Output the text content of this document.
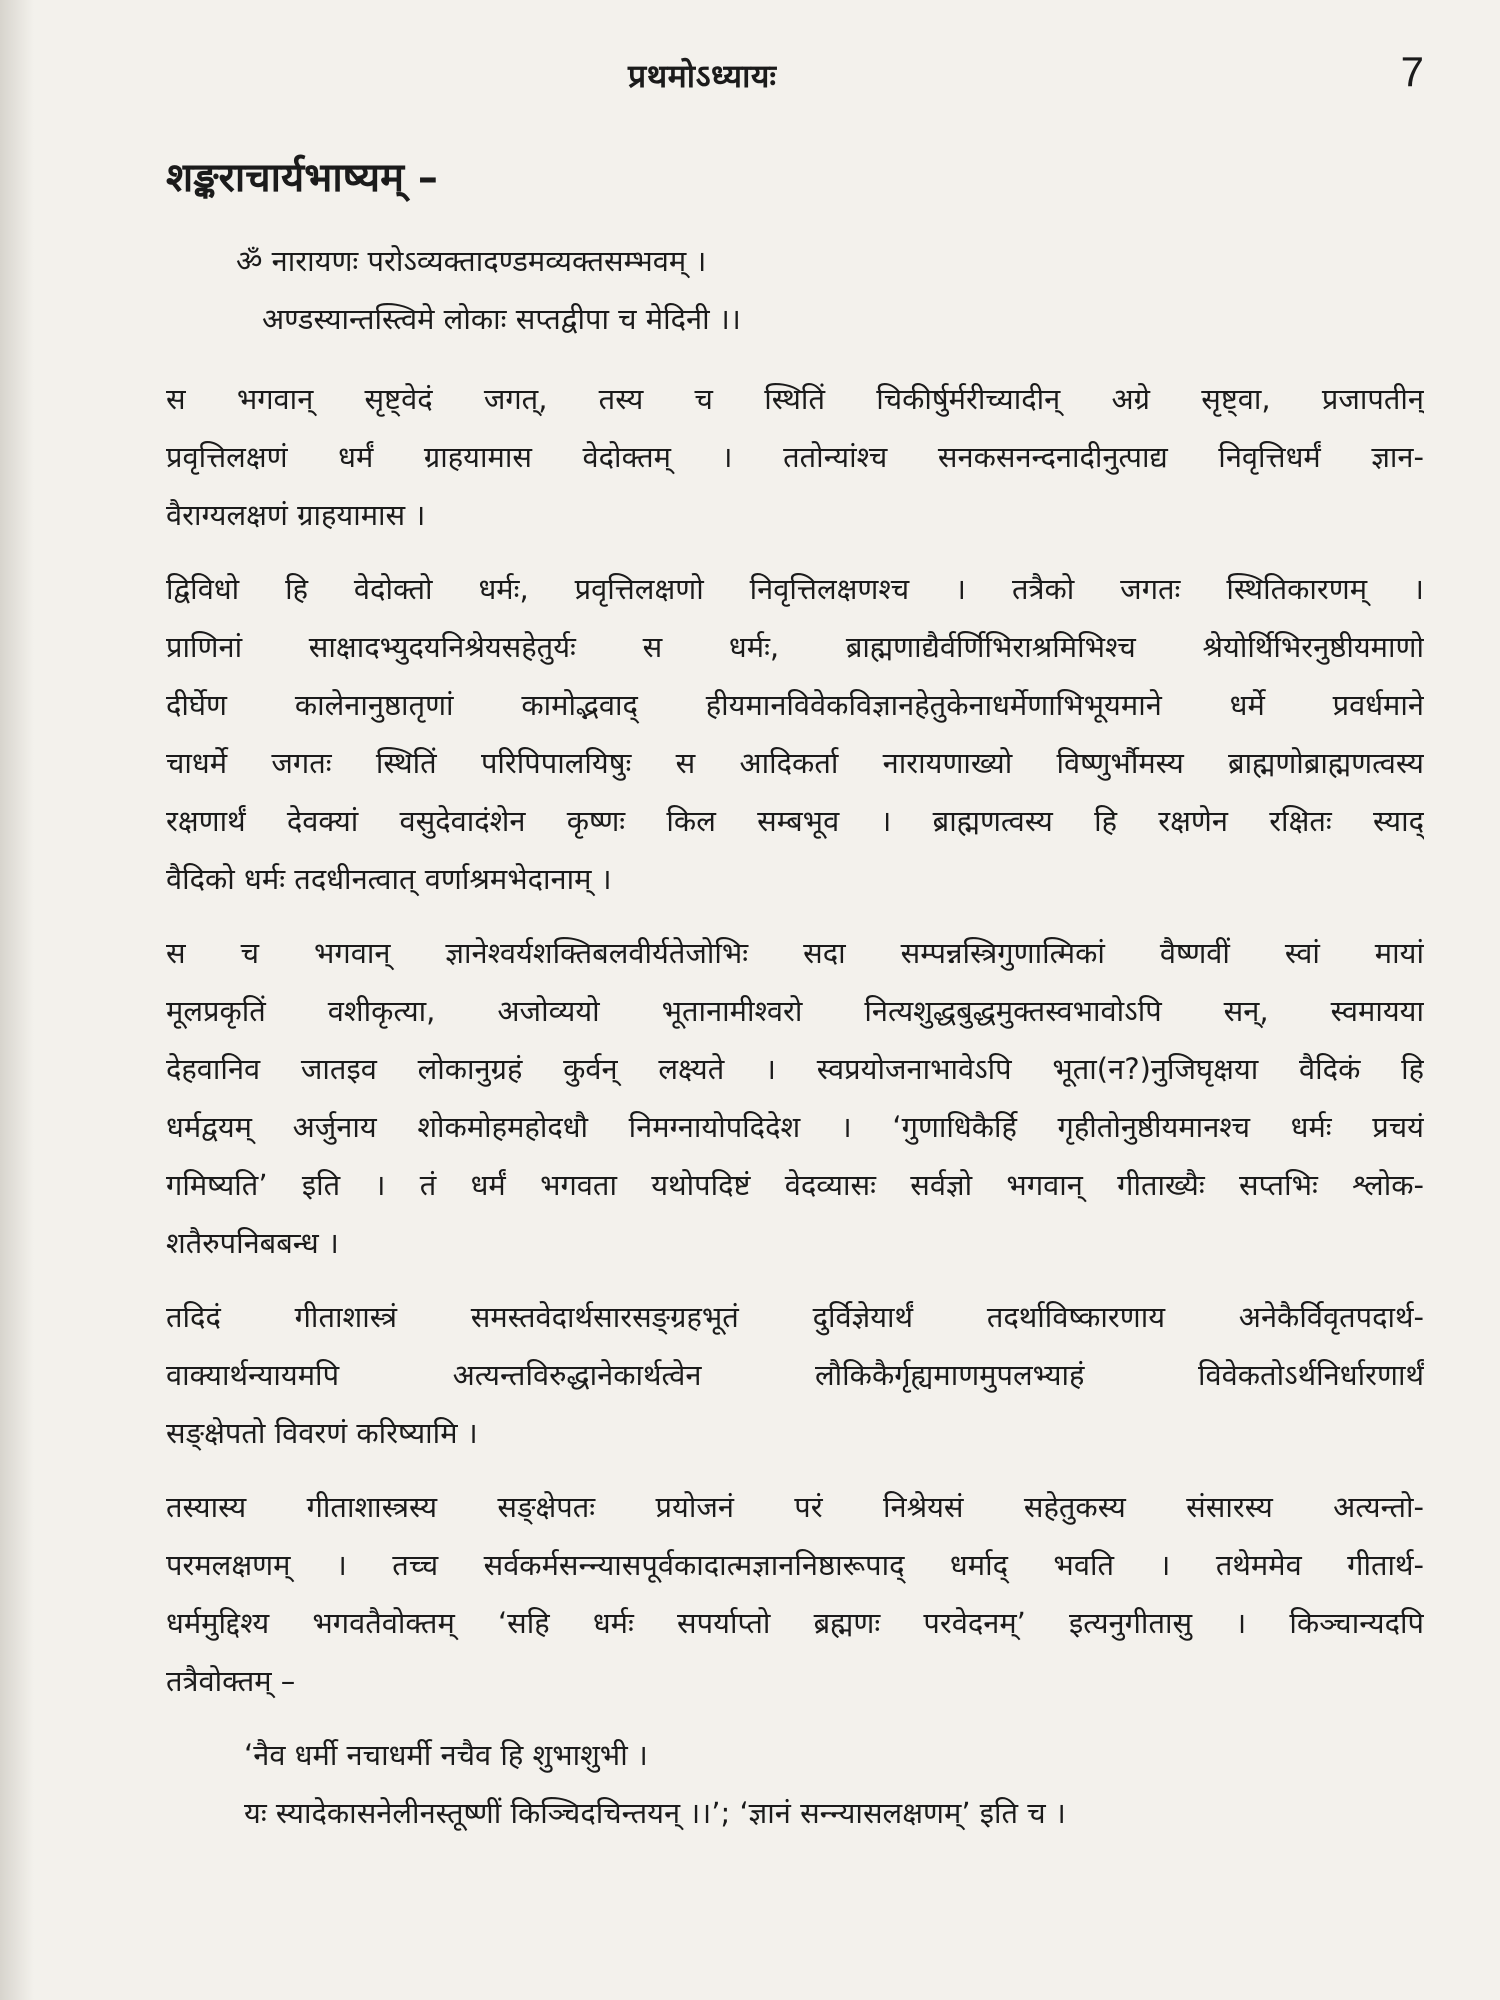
प्रथमोऽध्यायः	7
शङ्कराचार्यभाष्यम् –
ॐ नारायणः परोऽव्यक्तादण्डमव्यक्तसम्भवम् ।
अण्डस्यान्तस्त्विमे लोकाः सप्तद्वीपा च मेदिनी ।।
स भगवान् सृष्ट्वेदं जगत्, तस्य च स्थितिं चिकीर्षुर्मरीच्यादीन् अग्रे सृष्ट्वा, प्रजापतीन्
प्रवृत्तिलक्षणं धर्मं ग्राहयामास वेदोक्तम् । ततोन्यांश्च सनकसनन्दनादीनुत्पाद्य निवृत्तिधर्मं ज्ञान-
वैराग्यलक्षणं ग्राहयामास ।
द्विविधो हि वेदोक्तो धर्मः, प्रवृत्तिलक्षणो निवृत्तिलक्षणश्च । तत्रैको जगतः स्थितिकारणम् ।
प्राणिनां साक्षादभ्युदयनिश्रेयसहेतुर्यः स धर्मः, ब्राह्मणाद्यैर्वर्णिभिराश्रमिभिश्च श्रेयोर्थिभिरनुष्ठीयमाणो
दीर्घेण कालेनानुष्ठातृणां कामोद्भवाद् हीयमानविवेकविज्ञानहेतुकेनाधर्मेणाभिभूयमाने धर्मे प्रवर्धमाने
चाधर्मे जगतः स्थितिं परिपिपालयिषुः स आदिकर्ता नारायणाख्यो विष्णुर्भौमस्य ब्राह्मणोब्राह्मणत्वस्य
रक्षणार्थं देवक्यां वसुदेवादंशेन कृष्णः किल सम्बभूव । ब्राह्मणत्वस्य हि रक्षणेन रक्षितः स्याद्
वैदिको धर्मः तदधीनत्वात् वर्णाश्रमभेदानाम् ।
स च भगवान् ज्ञानेश्वर्यशक्तिबलवीर्यतेजोभिः सदा सम्पन्नस्त्रिगुणात्मिकां वैष्णवीं स्वां मायां
मूलप्रकृतिं वशीकृत्या, अजोव्ययो भूतानामीश्वरो नित्यशुद्धबुद्धमुक्तस्वभावोऽपि सन्, स्वमायया
देहवानिव जातइव लोकानुग्रहं कुर्वन् लक्ष्यते । स्वप्रयोजनाभावेऽपि भूता(न?)नुजिघृक्षया वैदिकं हि
धर्मद्वयम् अर्जुनाय शोकमोहमहोदधौ निमग्नायोपदिदेश । ‘गुणाधिकैर्हि गृहीतोनुष्ठीयमानश्च धर्मः प्रचयं
गमिष्यति’ इति । तं धर्मं भगवता यथोपदिष्टं वेदव्यासः सर्वज्ञो भगवान् गीताख्यैः सप्तभिः श्लोक-
शतैरुपनिबबन्ध ।
तदिदं गीताशास्त्रं समस्तवेदार्थसारसङ्ग्रहभूतं दुर्विज्ञेयार्थं तदर्थाविष्कारणाय अनेकैर्विवृतपदार्थ-
वाक्यार्थन्यायमपि अत्यन्तविरुद्धानेकार्थत्वेन लौकिकैर्गृह्यमाणमुपलभ्याहं विवेकतोऽर्थनिर्धारणार्थं
सङ्क्षेपतो विवरणं करिष्यामि ।
तस्यास्य गीताशास्त्रस्य सङ्क्षेपतः प्रयोजनं परं निश्रेयसं सहेतुकस्य संसारस्य अत्यन्तो-
परमलक्षणम् । तच्च सर्वकर्मसन्न्यासपूर्वकादात्मज्ञाननिष्ठारूपाद् धर्माद् भवति । तथेममेव गीतार्थ-
धर्ममुद्दिश्य भगवतैवोक्तम् ‘सहि धर्मः सपर्याप्तो ब्रह्मणः परवेदनम्’ इत्यनुगीतासु । किञ्चान्यदपि
तत्रैवोक्तम् –
‘नैव धर्मी नचाधर्मी नचैव हि शुभाशुभी ।
यः स्यादेकासनेलीनस्तूष्णीं किञ्चिदचिन्तयन् ।।’; ‘ज्ञानं सन्न्यासलक्षणम्’ इति च ।
